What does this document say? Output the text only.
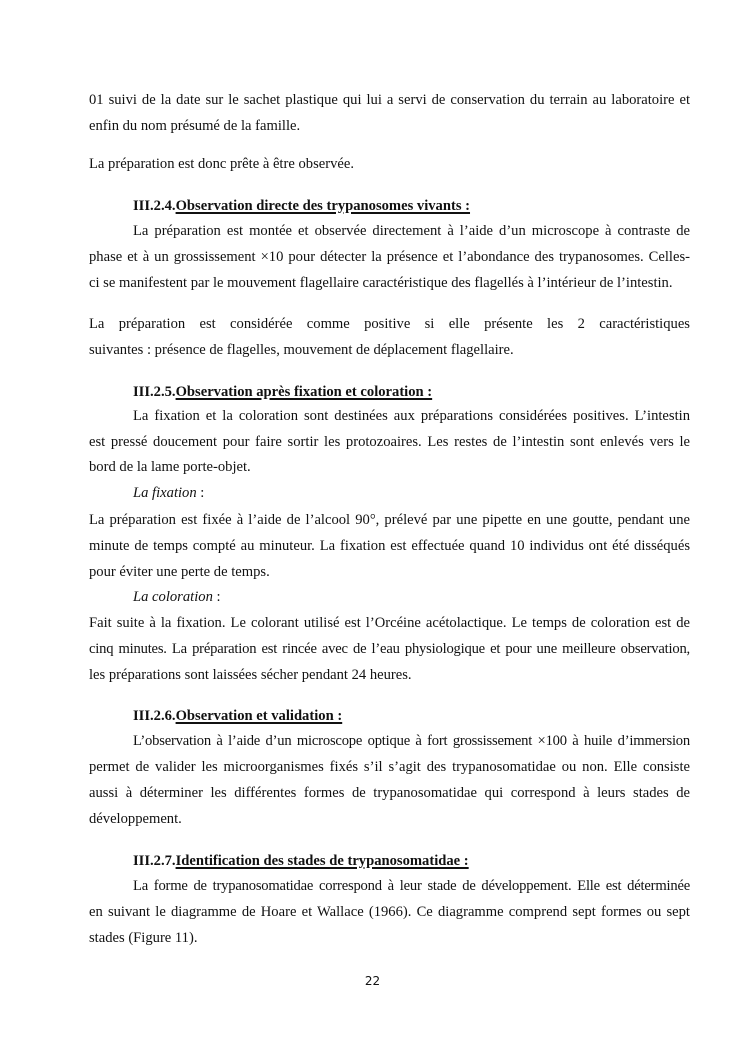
01 suivi de la date sur le sachet plastique qui lui a servi de conservation du terrain au laboratoire et
enfin du nom présumé de la famille.
La préparation est donc prête à être observée.
III.2.4.Observation directe des trypanosomes vivants :
La préparation est montée et observée directement à l’aide d’un microscope à contraste de
phase et à un grossissement ×10 pour détecter la présence et l’abondance des trypanosomes. Celles-
ci se manifestent par le mouvement flagellaire caractéristique des flagellés à l’intérieur de l’intestin.
La préparation est considérée comme positive si elle présente les 2 caractéristiques
suivantes : présence de flagelles, mouvement de déplacement flagellaire.
III.2.5.Observation après fixation et coloration :
La fixation et la coloration sont destinées aux préparations considérées positives. L’intestin
est pressé doucement pour faire sortir les protozoaires. Les restes de l’intestin sont enlevés vers le
bord de la lame porte-objet.
La fixation :
La préparation est fixée à l’aide de l’alcool 90°, prélevé par une pipette en une goutte, pendant une
minute de temps compté au minuteur. La fixation est effectuée quand 10 individus ont été disséqués
pour éviter une perte de temps.
La coloration :
Fait suite à la fixation. Le colorant utilisé est l’Orcéine acétolactique. Le temps de coloration est de
cinq minutes. La préparation est rincée avec de l’eau physiologique et pour une meilleure observation,
les préparations sont laissées sécher pendant 24 heures.
III.2.6.Observation et validation :
L’observation à l’aide d’un microscope optique à fort grossissement ×100 à huile d’immersion
permet de valider les microorganismes fixés s’il s’agit des trypanosomatidae ou non. Elle consiste
aussi à déterminer les différentes formes de trypanosomatidae qui correspond à leurs stades de
développement.
III.2.7.Identification des stades de trypanosomatidae :
La forme de trypanosomatidae correspond à leur stade de développement. Elle est déterminée
en suivant le diagramme de Hoare et Wallace (1966). Ce diagramme comprend sept formes ou sept
stades (Figure 11).
22
